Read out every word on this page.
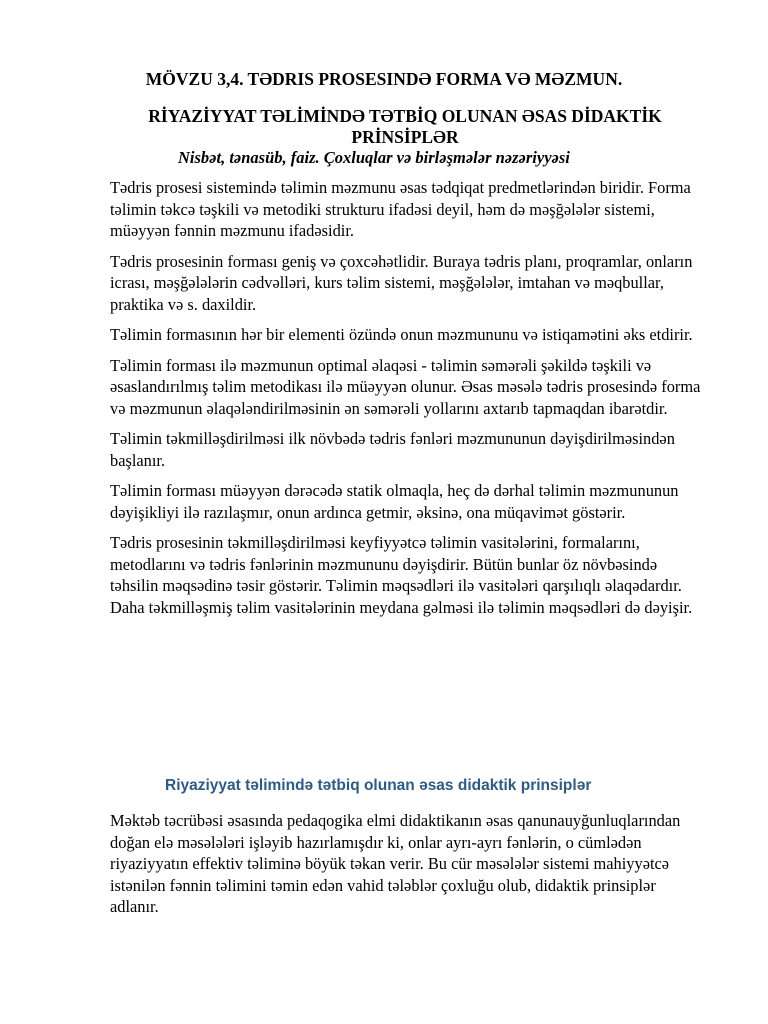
MÖVZU 3,4. TƏDRIS PROSESINDƏ FORMA VƏ MƏZMUN.
RİYAZİYYAT TƏLİMİNDƏ TƏTBİQ OLUNAN ƏSAS DİDAKTİK PRİNSİPLƏR

Nisbət, tənasüb, faiz. Çoxluqlar və birləşmələr nəzəriyyəsi

Tədris prosesi sistemində təlimin məzmunu əsas tədqiqat predmetlərindən biridir. Forma təlimin təkcə təşkili və metodiki strukturu ifadəsi deyil, həm də məşğələlər sistemi, müəyyən fənnin məzmunu ifadəsidir.

Tədris prosesinin forması geniş və çoxcəhətlidir. Buraya tədris planı, proqramlar, onların icrası, məşğələlərin cədvəlləri, kurs təlim sistemi, məşğələlər, imtahan və məqbullar, praktika və s. daxildir.

Təlimin formasının hər bir elementi özündə onun məzmununu və istiqamətini əks etdirir.

Təlimin forması ilə məzmunun optimal əlaqəsi - təlimin səmərəli şəkildə təşkili və əsaslandırılmış təlim metodikası ilə müəyyən olunur. Əsas məsələ tədris prosesində forma və məzmunun əlaqələndirilməsinin ən səmərəli yollarını axtarıb tapmaqdan ibarətdir.

Təlimin təkmilləşdirilməsi ilk növbədə tədris fənləri məzmununun dəyişdirilməsindən başlanır.

Təlimin forması müəyyən dərəcədə statik olmaqla, heç də dərhal təlimin məzmununun dəyişikliyi ilə razılaşmır, onun ardınca getmir, əksinə, ona müqavimət göstərir.

Tədris prosesinin təkmilləşdirilməsi keyfiyyətcə təlimin vasitələrini, formalarını, metodlarını və tədris fənlərinin məzmununu dəyişdirir. Bütün bunlar öz növbəsində təhsilin məqsədinə təsir göstərir. Təlimin məqsədləri ilə vasitələri qarşılıqlı əlaqədardır. Daha təkmilləşmiş təlim vasitələrinin meydana gəlməsi ilə təlimin məqsədləri də dəyişir.

Riyaziyyat təlimində tətbiq olunan əsas didaktik prinsiplər

Məktəb təcrübəsi əsasında pedaqogika elmi didaktikanın əsas qanunauyğunluqlarından doğan elə məsələləri işləyib hazırlamışdır ki, onlar ayrı-ayrı fənlərin, o cümlədən riyaziyyatın effektiv təliminə böyük təkan verir. Bu cür məsələlər sistemi mahiyyətcə istənilən fənnin təlimini təmin edən vahid tələblər çoxluğu olub, didaktik prinsiplər adlanır.
